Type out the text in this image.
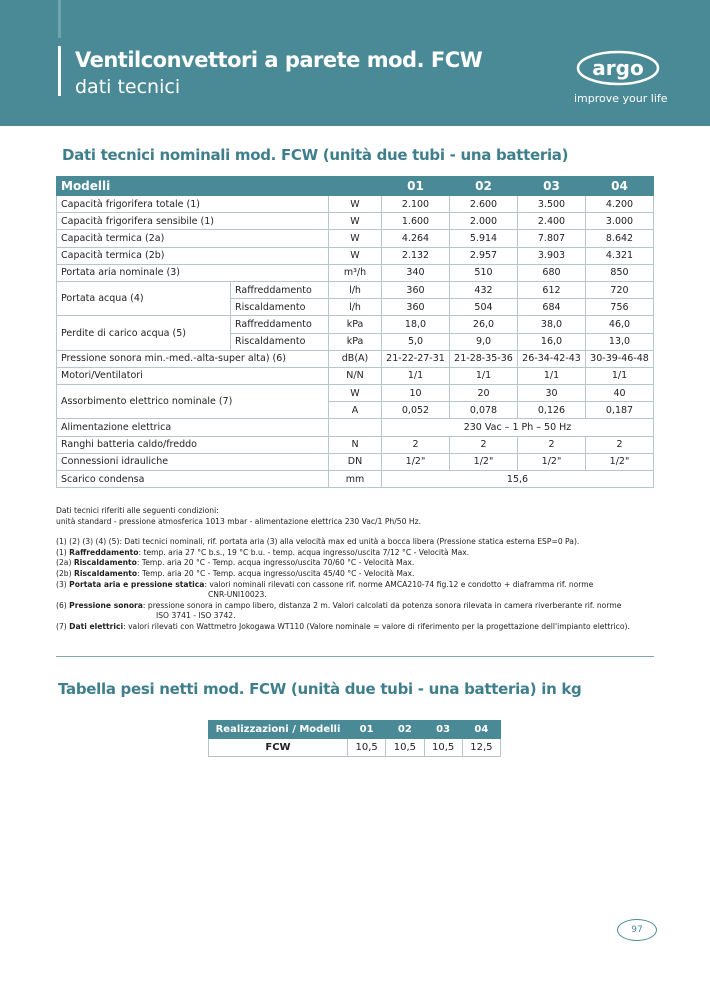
Ventilconvettori a parete mod. FCW
dati tecnici
argo
improve your life
Dati tecnici nominali mod. FCW (unità due tubi - una batteria)
Modelli			01	02	03	04
Capacità frigorifera totale (1)		W	2.100	2.600	3.500	4.200
Capacità frigorifera sensibile (1)		W	1.600	2.000	2.400	3.000
Capacità termica (2a)		W	4.264	5.914	7.807	8.642
Capacità termica (2b)		W	2.132	2.957	3.903	4.321
Portata aria nominale (3)		m³/h	340	510	680	850
Portata acqua (4)	Raffreddamento	l/h	360	432	612	720
	Riscaldamento	l/h	360	504	684	756
Perdite di carico acqua (5)	Raffreddamento	kPa	18,0	26,0	38,0	46,0
	Riscaldamento	kPa	5,0	9,0	16,0	13,0
Pressione sonora min.-med.-alta-super alta) (6)		dB(A)	21-22-27-31	21-28-35-36	26-34-42-43	30-39-46-48
Motori/Ventilatori		N/N	1/1	1/1	1/1	1/1
Assorbimento elettrico nominale (7)		W	10	20	30	40
		A	0,052	0,078	0,126	0,187
Alimentazione elettrica			230 Vac – 1 Ph – 50 Hz			
Ranghi batteria caldo/freddo		N	2	2	2	2
Connessioni idrauliche		DN	1/2"	1/2"	1/2"	1/2"
Scarico condensa		mm	15,6			

Dati tecnici riferiti alle seguenti condizioni:

unità standard - pressione atmosferica 1013 mbar - alimentazione elettrica 230 Vac/1 Ph/50 Hz.

(1) (2) (3) (4) (5): Dati tecnici nominali, rif. portata aria (3) alla velocità max ed unità a bocca libera (Pressione statica esterna ESP=0 Pa).

(1) Raffreddamento: temp. aria 27 °C b.s., 19 °C b.u. - temp. acqua ingresso/uscita 7/12 °C - Velocità Max.

(2a) Riscaldamento: Temp. aria 20 °C - Temp. acqua ingresso/uscita 70/60 °C - Velocità Max.

(2b) Riscaldamento: Temp. aria 20 °C - Temp. acqua ingresso/uscita 45/40 °C - Velocità Max.

(3) Portata aria e pressione statica: valori nominali rilevati con cassone rif. norme AMCA210-74 fig.12 e condotto + diaframma rif. norme

CNR-UNI10023.

(6) Pressione sonora: pressione sonora in campo libero, distanza 2 m. Valori calcolati da potenza sonora rilevata in camera riverberante rif. norme

ISO 3741 - ISO 3742.

(7) Dati elettrici: valori rilevati con Wattmetro Jokogawa WT110 (Valore nominale = valore di riferimento per la progettazione dell'impianto elettrico).

Tabella pesi netti mod. FCW (unità due tubi - una batteria) in kg
Realizzazioni / Modelli	01	02	03	04
FCW	10,5	10,5	10,5	12,5
97
